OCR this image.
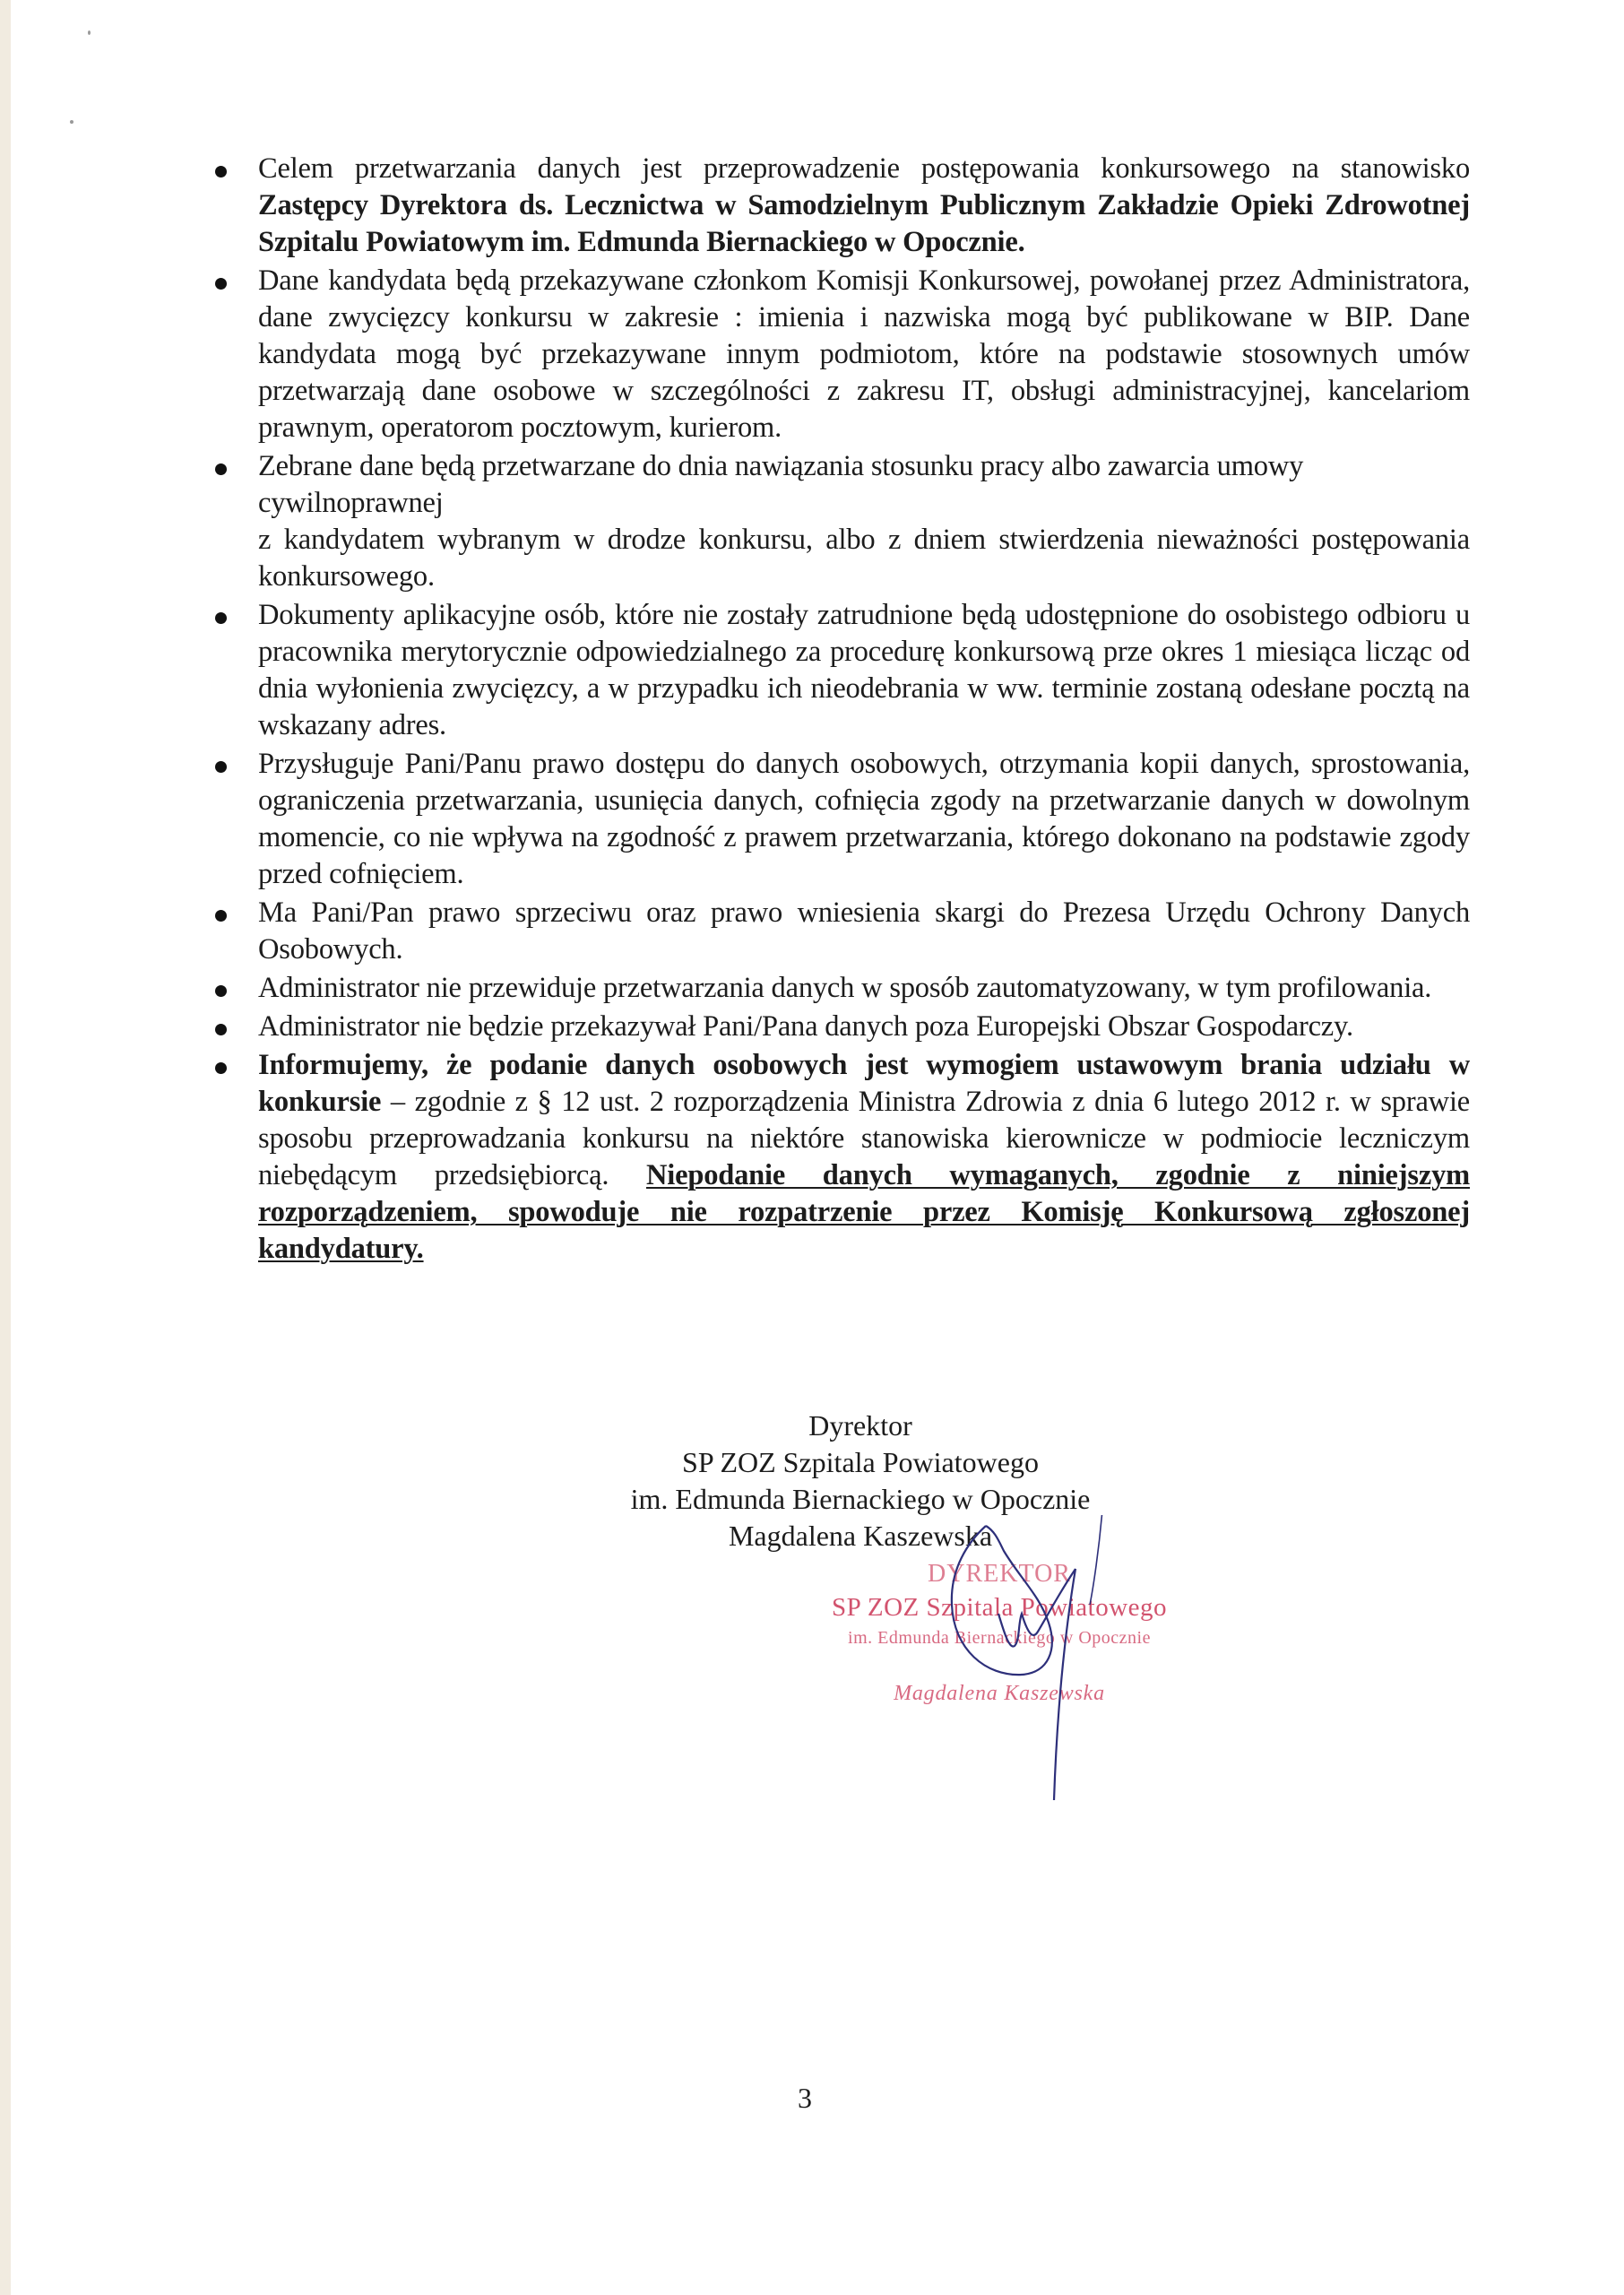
Celem przetwarzania danych jest przeprowadzenie postępowania konkursowego na stanowisko Zastępcy Dyrektora ds. Lecznictwa w Samodzielnym Publicznym Zakładzie Opieki Zdrowotnej Szpitalu Powiatowym im. Edmunda Biernackiego w Opocznie.
Dane kandydata będą przekazywane członkom Komisji Konkursowej, powołanej przez Administratora, dane zwycięzcy konkursu w zakresie : imienia i nazwiska mogą być publikowane w BIP. Dane kandydata mogą być przekazywane innym podmiotom, które na podstawie stosownych umów przetwarzają dane osobowe w szczególności z zakresu IT, obsługi administracyjnej, kancelariom prawnym, operatorom pocztowym, kurierom.
Zebrane dane będą przetwarzane do dnia nawiązania stosunku pracy albo zawarcia umowy cywilnoprawnej
z kandydatem wybranym w drodze konkursu, albo z dniem stwierdzenia nieważności postępowania konkursowego.
Dokumenty aplikacyjne osób, które nie zostały zatrudnione będą udostępnione do osobistego odbioru u pracownika merytorycznie odpowiedzialnego za procedurę konkursową prze okres 1 miesiąca licząc od dnia wyłonienia zwycięzcy, a w przypadku ich nieodebrania w ww. terminie zostaną odesłane pocztą na wskazany adres.
Przysługuje Pani/Panu prawo dostępu do danych osobowych, otrzymania kopii danych, sprostowania, ograniczenia przetwarzania, usunięcia danych, cofnięcia zgody na przetwarzanie danych w dowolnym momencie, co nie wpływa na zgodność z prawem przetwarzania, którego dokonano na podstawie zgody przed cofnięciem.
Ma Pani/Pan prawo sprzeciwu oraz prawo wniesienia skargi do Prezesa Urzędu Ochrony Danych Osobowych.
Administrator nie przewiduje przetwarzania danych w sposób zautomatyzowany, w tym profilowania.
Administrator nie będzie przekazywał Pani/Pana danych poza Europejski Obszar Gospodarczy.
Informujemy, że podanie danych osobowych jest wymogiem ustawowym brania udziału w konkursie – zgodnie z § 12 ust. 2 rozporządzenia Ministra Zdrowia z dnia 6 lutego 2012 r. w sprawie sposobu przeprowadzania konkursu na niektóre stanowiska kierownicze w podmiocie leczniczym niebędącym przedsiębiorcą. Niepodanie danych wymaganych, zgodnie z niniejszym rozporządzeniem, spowoduje nie rozpatrzenie przez Komisję Konkursową zgłoszonej kandydatury.
Dyrektor
SP ZOZ Szpitala Powiatowego
im. Edmunda Biernackiego w Opocznie
Magdalena Kaszewska
DYREKTOR
SP ZOZ Szpitala Powiatowego
im. Edmunda Biernackiego w Opocznie
Magdalena Kaszewska
3
